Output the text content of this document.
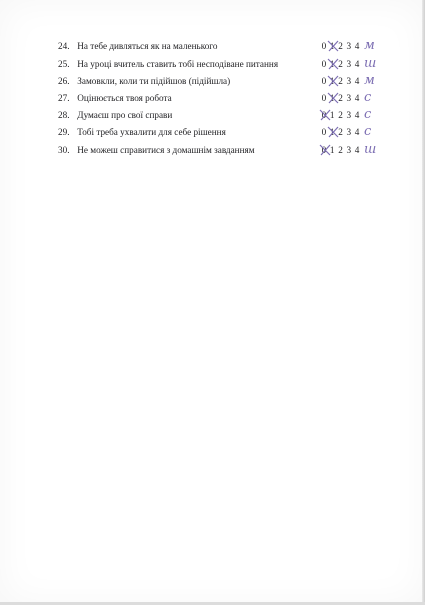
24. На тебе дивляться як на маленького	0 1 2 3 4 м
25. На уроці вчитель ставить тобі несподіване питання	0 1 2 3 4 ш
26. Замовкли, коли ти підійшов (підійшла)	0 1 2 3 4 м
27. Оцінюється твоя робота	0 1 2 3 4 с
28. Думаєш про свої справи	0 1 2 3 4 с
29. Тобі треба ухвалити для себе рішення	0 1 2 3 4 с
30. Не можеш справитися з домашнім завданням	0 1 2 3 4 ш
